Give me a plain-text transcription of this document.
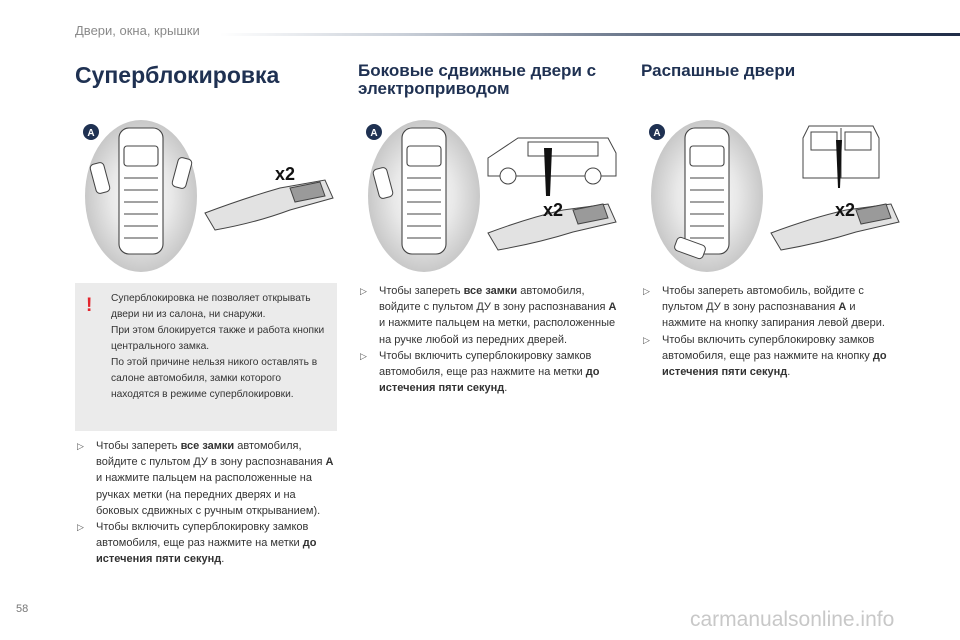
Двери, окна, крышки
Суперблокировка
A
x2
! Суперблокировка не позволяет открывать двери ни из салона, ни снаружи.

При этом блокируется также и работа кнопки центрального замка.

По этой причине нельзя никого оставлять в салоне автомобиля, замки которого находятся в режиме суперблокировки.

▷ Чтобы запереть все замки автомобиля, войдите с пультом ДУ в зону распознавания A и нажмите пальцем на расположенные на ручках метки (на передних дверях и на боковых сдвижных с ручным открыванием).
▷ Чтобы включить суперблокировку замков автомобиля, еще раз нажмите на метки до истечения пяти секунд.
Боковые сдвижные двери с
электроприводом
A
x2
▷ Чтобы запереть все замки автомобиля, войдите с пультом ДУ в зону распознавания A и нажмите пальцем на метки, расположенные на ручке любой из передних дверей.
▷ Чтобы включить суперблокировку замков автомобиля, еще раз нажмите на метки до истечения пяти секунд.
Распашные двери
A
x2
▷ Чтобы запереть автомобиль, войдите с пультом ДУ в зону распознавания A и нажмите на кнопку запирания левой двери.
▷ Чтобы включить суперблокировку замков автомобиля, еще раз нажмите на кнопку до истечения пяти секунд.
58	carmanualsonline.info
